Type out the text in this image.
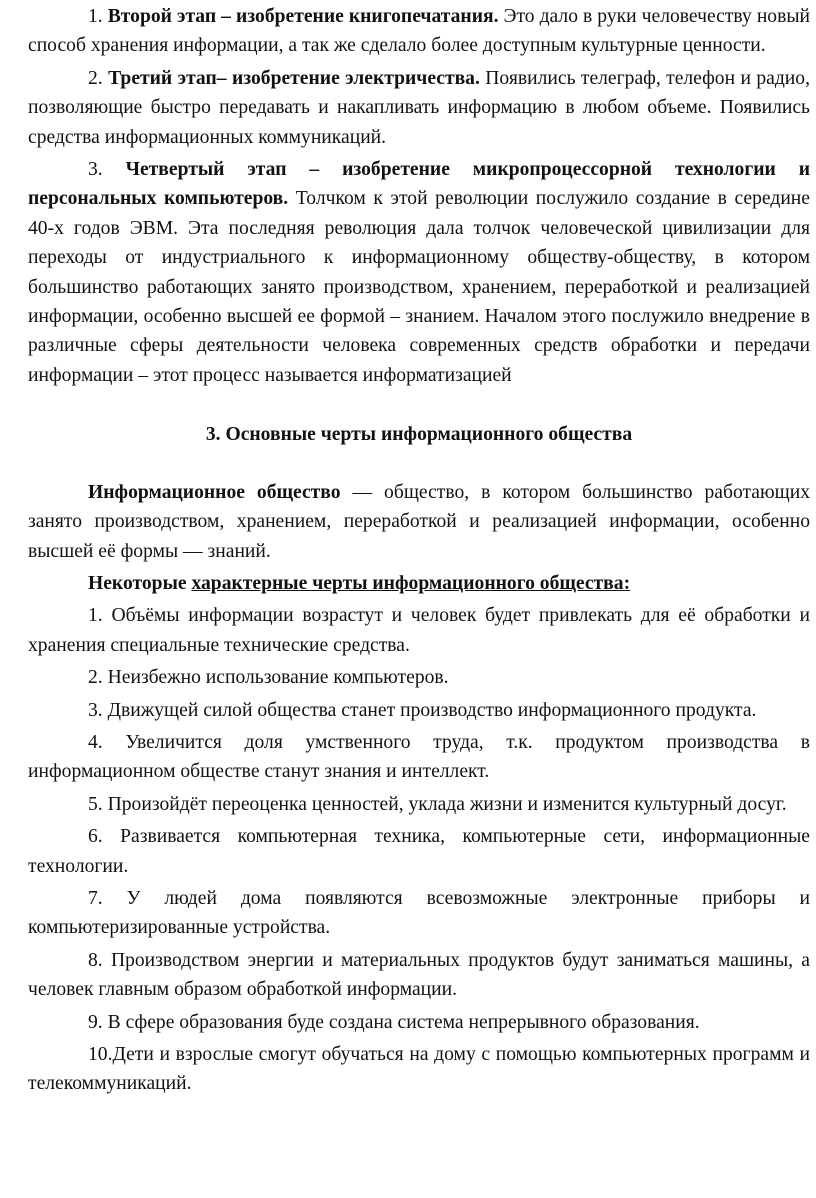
1. Второй этап – изобретение книгопечатания. Это дало в руки человечеству новый способ хранения информации, а так же сделало более доступным культурные ценности.

2. Третий этап– изобретение электричества. Появились телеграф, телефон и радио, позволяющие быстро передавать и накапливать информацию в любом объеме. Появились средства информационных коммуникаций.

3. Четвертый этап – изобретение микропроцессорной технологии и персональных компьютеров. Толчком к этой революции послужило создание в середине 40-х годов ЭВМ. Эта последняя революция дала толчок человеческой цивилизации для переходы от индустриального к информационному обществу-обществу, в котором большинство работающих занято производством, хранением, переработкой и реализацией информации, особенно высшей ее формой – знанием. Началом этого послужило внедрение в различные сферы деятельности человека современных средств обработки и передачи информации – этот процесс называется информатизацией

3. Основные черты информационного общества

Информационное общество — общество, в котором большинство работающих занято производством, хранением, переработкой и реализацией информации, особенно высшей её формы — знаний.

Некоторые характерные черты информационного общества:

1. Объёмы информации возрастут и человек будет привлекать для её обработки и хранения специальные технические средства.

2. Неизбежно использование компьютеров.

3. Движущей силой общества станет производство информационного продукта.

4. Увеличится доля умственного труда, т.к. продуктом производства в информационном обществе станут знания и интеллект.

5. Произойдёт переоценка ценностей, уклада жизни и изменится культурный досуг.

6. Развивается компьютерная техника, компьютерные сети, информационные технологии.

7. У людей дома появляются всевозможные электронные приборы и компьютеризированные устройства.

8. Производством энергии и материальных продуктов будут заниматься машины, а человек главным образом обработкой информации.

9. В сфере образования буде создана система непрерывного образования.

10.Дети и взрослые смогут обучаться на дому с помощью компьютерных программ и телекоммуникаций.
